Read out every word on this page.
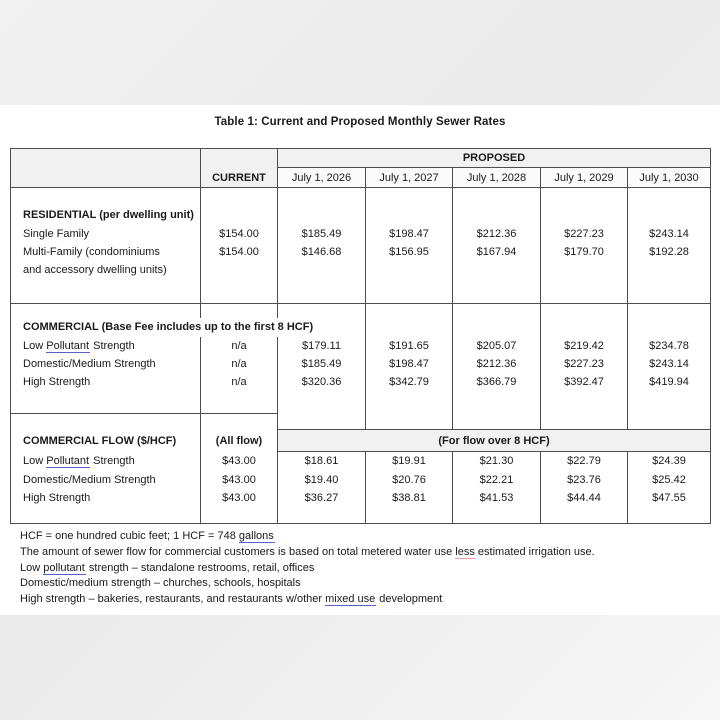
Table 1: Current and Proposed Monthly Sewer Rates
	CURRENT	PROPOSED				
		July 1, 2026	July 1, 2027	July 1, 2028	July 1, 2029	July 1, 2030

RESIDENTIAL (per dwelling unit)						
Single Family	$154.00	$185.49	$198.47	$212.36	$227.23	$243.14
Multi-Family (condominiums	$154.00	$146.68	$156.95	$167.94	$179.70	$192.28
and accessory dwelling units)						

COMMERCIAL (Base Fee includes up to the first 8 HCF)						
Low Pollutant Strength	n/a	$179.11	$191.65	$205.07	$219.42	$234.78
Domestic/Medium Strength	n/a	$185.49	$198.47	$212.36	$227.23	$243.14
High Strength	n/a	$320.36	$342.79	$366.79	$392.47	$419.94

COMMERCIAL FLOW ($/HCF)	(All flow)	(For flow over 8 HCF)				
Low Pollutant Strength	$43.00	$18.61	$19.91	$21.30	$22.79	$24.39
Domestic/Medium Strength	$43.00	$19.40	$20.76	$22.21	$23.76	$25.42
High Strength	$43.00	$36.27	$38.81	$41.53	$44.44	$47.55

HCF = one hundred cubic feet; 1 HCF = 748 gallons
The amount of sewer flow for commercial customers is based on total metered water use less estimated irrigation use.
Low pollutant strength – standalone restrooms, retail, offices
Domestic/medium strength – churches, schools, hospitals
High strength – bakeries, restaurants, and restaurants w/other mixed use development
